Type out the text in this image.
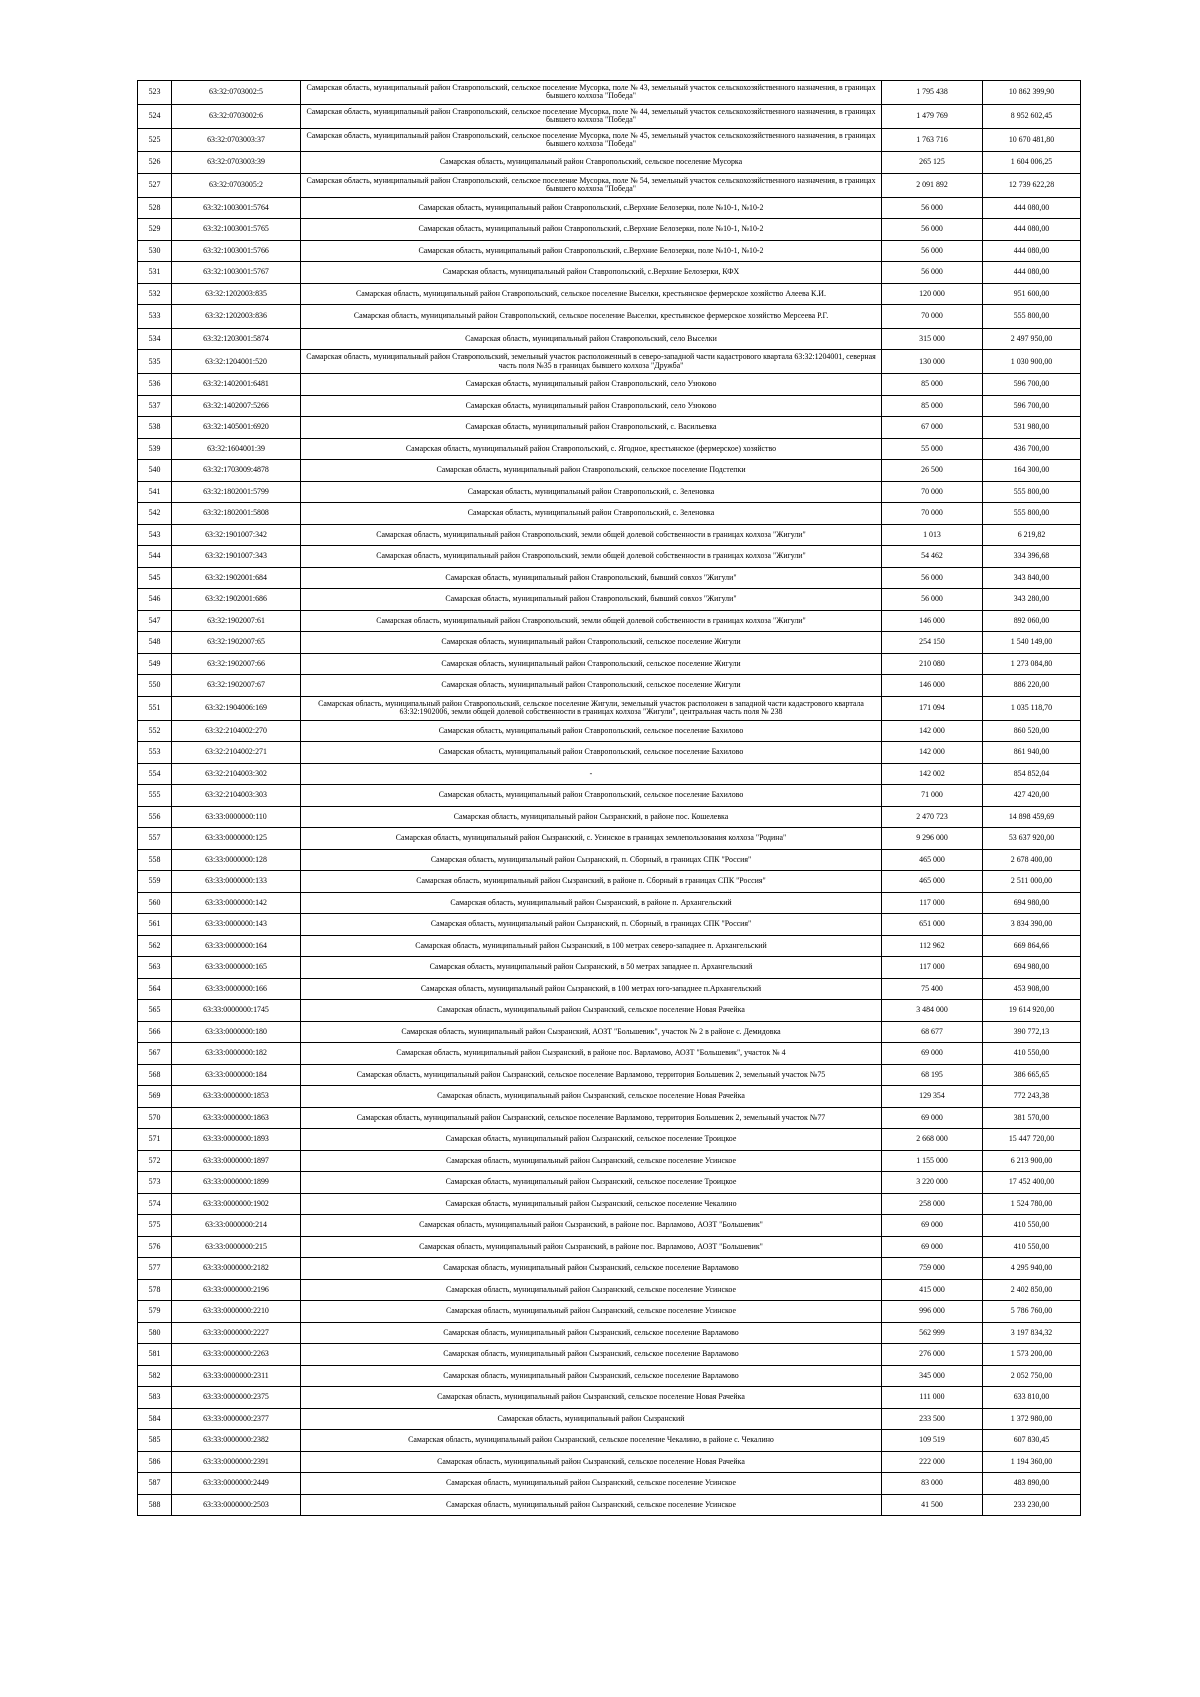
523	63:32:0703002:5	Самарская область, муниципальный район Ставропольский, сельское поселение Мусорка, поле № 43, земельный участок сельскохозяйственного назначения, в границах бывшего колхоза "Победа"	1 795 438	10 862 399,90
524	63:32:0703002:6	Самарская область, муниципальный район Ставропольский, сельское поселение Мусорка, поле № 44, земельный участок сельскохозяйственного назначения, в границах бывшего колхоза "Победа"	1 479 769	8 952 602,45
525	63:32:0703003:37	Самарская область, муниципальный район Ставропольский, сельское поселение Мусорка, поле № 45, земельный участок сельскохозяйственного назначения, в границах бывшего колхоза "Победа"	1 763 716	10 670 481,80
526	63:32:0703003:39	Самарская область, муниципальный район Ставропольский, сельское поселение Мусорка	265 125	1 604 006,25
527	63:32:0703005:2	Самарская область, муниципальный район Ставропольский, сельское поселение Мусорка, поле № 54, земельный участок сельскохозяйственного назначения, в границах бывшего колхоза "Победа"	2 091 892	12 739 622,28
528	63:32:1003001:5764	Самарская область, муниципальный район Ставропольский, с.Верхние Белозерки, поле №10-1, №10-2	56 000	444 080,00
529	63:32:1003001:5765	Самарская область, муниципальный район Ставропольский, с.Верхние Белозерки, поле №10-1, №10-2	56 000	444 080,00
530	63:32:1003001:5766	Самарская область, муниципальный район Ставропольский, с.Верхние Белозерки, поле №10-1, №10-2	56 000	444 080,00
531	63:32:1003001:5767	Самарская область, муниципальный район Ставропольский, с.Верхние Белозерки, КФХ	56 000	444 080,00
532	63:32:1202003:835	Самарская область, муниципальный район Ставропольский, сельское поселение Выселки, крестьянское фермерское хозяйство Алеева К.И.	120 000	951 600,00
533	63:32:1202003:836	Самарская область, муниципальный район Ставропольский, сельское поселение Выселки, крестьянское фермерское хозяйство Мерсеева Р.Г.	70 000	555 800,00
534	63:32:1203001:5874	Самарская область, муниципальный район Ставропольский, село Выселки	315 000	2 497 950,00
535	63:32:1204001:520	Самарская область, муниципальный район Ставропольский, земельный участок расположенный в северо-западной части кадастрового квартала 63:32:1204001, северная часть поля №35 в границах бывшего колхоза "Дружба"	130 000	1 030 900,00
536	63:32:1402001:6481	Самарская область, муниципальный район Ставропольский, село Узюково	85 000	596 700,00
537	63:32:1402007:5266	Самарская область, муниципальный район Ставропольский, село Узюково	85 000	596 700,00
538	63:32:1405001:6920	Самарская область, муниципальный район Ставропольский, с. Васильевка	67 000	531 980,00
539	63:32:1604001:39	Самарская область, муниципальный район Ставропольский, с. Ягодное, крестьянское (фермерское) хозяйство	55 000	436 700,00
540	63:32:1703009:4878	Самарская область, муниципальный район Ставропольский, сельское поселение Подстепки	26 500	164 300,00
541	63:32:1802001:5799	Самарская область, муниципальный район Ставропольский, с. Зеленовка	70 000	555 800,00
542	63:32:1802001:5808	Самарская область, муниципальный район Ставропольский, с. Зеленовка	70 000	555 800,00
543	63:32:1901007:342	Самарская область, муниципальный район Ставропольский, земли общей долевой собственности в границах колхоза "Жигули"	1 013	6 219,82
544	63:32:1901007:343	Самарская область, муниципальный район Ставропольский, земли общей долевой собственности в границах колхоза "Жигули"	54 462	334 396,68
545	63:32:1902001:684	Самарская область, муниципальный район Ставропольский, бывший совхоз "Жигули"	56 000	343 840,00
546	63:32:1902001:686	Самарская область, муниципальный район Ставропольский, бывший совхоз "Жигули"	56 000	343 280,00
547	63:32:1902007:61	Самарская область, муниципальный район Ставропольский, земли общей долевой собственности в границах колхоза "Жигули"	146 000	892 060,00
548	63:32:1902007:65	Самарская область, муниципальный район Ставропольский, сельское поселение Жигули	254 150	1 540 149,00
549	63:32:1902007:66	Самарская область, муниципальный район Ставропольский, сельское поселение Жигули	210 080	1 273 084,80
550	63:32:1902007:67	Самарская область, муниципальный район Ставропольский, сельское поселение Жигули	146 000	886 220,00
551	63:32:1904006:169	Самарская область, муниципальный район Ставропольский, сельское поселение Жигули, земельный участок расположен в западной части кадастрового квартала 63:32:1902006, земли общей долевой собственности в границах колхоза "Жигули", центральная часть поля № 238	171 094	1 035 118,70
552	63:32:2104002:270	Самарская область, муниципальный район Ставропольский, сельское поселение Бахилово	142 000	860 520,00
553	63:32:2104002:271	Самарская область, муниципальный район Ставропольский, сельское поселение Бахилово	142 000	861 940,00
554	63:32:2104003:302	-	142 002	854 852,04
555	63:32:2104003:303	Самарская область, муниципальный район Ставропольский, сельское поселение Бахилово	71 000	427 420,00
556	63:33:0000000:110	Самарская область, муниципальный район Сызранский, в районе пос. Кошелевка	2 470 723	14 898 459,69
557	63:33:0000000:125	Самарская область, муниципальный район Сызранский, с. Усинское в границах землепользования колхоза "Родина"	9 296 000	53 637 920,00
558	63:33:0000000:128	Самарская область, муниципальный район Сызранский, п. Сборный, в границах СПК "Россия"	465 000	2 678 400,00
559	63:33:0000000:133	Самарская область, муниципальный район Сызранский, в районе п. Сборный в границах СПК "Россия"	465 000	2 511 000,00
560	63:33:0000000:142	Самарская область, муниципальный район Сызранский, в районе п. Архангельский	117 000	694 980,00
561	63:33:0000000:143	Самарская область, муниципальный район Сызранский, п. Сборный, в границах СПК "Россия"	651 000	3 834 390,00
562	63:33:0000000:164	Самарская область, муниципальный район Сызранский, в 100 метрах северо-западнее п. Архангельский	112 962	669 864,66
563	63:33:0000000:165	Самарская область, муниципальный район Сызранский, в 50 метрах западнее п. Архангельский	117 000	694 980,00
564	63:33:0000000:166	Самарская область, муниципальный район Сызранский, в 100 метрах юго-западнее п.Архангельский	75 400	453 908,00
565	63:33:0000000:1745	Самарская область, муниципальный район Сызранский, сельское поселение Новая Рачейка	3 484 000	19 614 920,00
566	63:33:0000000:180	Самарская область, муниципальный район Сызранский, АОЗТ "Большевик", участок № 2 в районе с. Демидовка	68 677	390 772,13
567	63:33:0000000:182	Самарская область, муниципальный район Сызранский, в районе пос. Варламово, АОЗТ "Большевик", участок № 4	69 000	410 550,00
568	63:33:0000000:184	Самарская область, муниципальный район Сызранский, сельское поселение Варламово, территория Большевик 2, земельный участок №75	68 195	386 665,65
569	63:33:0000000:1853	Самарская область, муниципальный район Сызранский, сельское поселение Новая Рачейка	129 354	772 243,38
570	63:33:0000000:1863	Самарская область, муниципальный район Сызранский, сельское поселение Варламово, территория Большевик 2, земельный участок №77	69 000	381 570,00
571	63:33:0000000:1893	Самарская область, муниципальный район Сызранский, сельское поселение Троицкое	2 668 000	15 447 720,00
572	63:33:0000000:1897	Самарская область, муниципальный район Сызранский, сельское поселение Усинское	1 155 000	6 213 900,00
573	63:33:0000000:1899	Самарская область, муниципальный район Сызранский, сельское поселение Троицкое	3 220 000	17 452 400,00
574	63:33:0000000:1902	Самарская область, муниципальный район Сызранский, сельское поселение Чекалино	258 000	1 524 780,00
575	63:33:0000000:214	Самарская область, муниципальный район Сызранский, в районе пос. Варламово, АОЗТ "Большевик"	69 000	410 550,00
576	63:33:0000000:215	Самарская область, муниципальный район Сызранский, в районе пос. Варламово, АОЗТ "Большевик"	69 000	410 550,00
577	63:33:0000000:2182	Самарская область, муниципальный район Сызранский, сельское поселение Варламово	759 000	4 295 940,00
578	63:33:0000000:2196	Самарская область, муниципальный район Сызранский, сельское поселение Усинское	415 000	2 402 850,00
579	63:33:0000000:2210	Самарская область, муниципальный район Сызранский, сельское поселение Усинское	996 000	5 786 760,00
580	63:33:0000000:2227	Самарская область, муниципальный район Сызранский, сельское поселение Варламово	562 999	3 197 834,32
581	63:33:0000000:2263	Самарская область, муниципальный район Сызранский, сельское поселение Варламово	276 000	1 573 200,00
582	63:33:0000000:2311	Самарская область, муниципальный район Сызранский, сельское поселение Варламово	345 000	2 052 750,00
583	63:33:0000000:2375	Самарская область, муниципальный район Сызранский, сельское поселение Новая Рачейка	111 000	633 810,00
584	63:33:0000000:2377	Самарская область, муниципальный район Сызранский	233 500	1 372 980,00
585	63:33:0000000:2382	Самарская область, муниципальный район Сызранский, сельское поселение Чекалино, в районе с. Чекалино	109 519	607 830,45
586	63:33:0000000:2391	Самарская область, муниципальный район Сызранский, сельское поселение Новая Рачейка	222 000	1 194 360,00
587	63:33:0000000:2449	Самарская область, муниципальный район Сызранский, сельское поселение Усинское	83 000	483 890,00
588	63:33:0000000:2503	Самарская область, муниципальный район Сызранский, сельское поселение Усинское	41 500	233 230,00
